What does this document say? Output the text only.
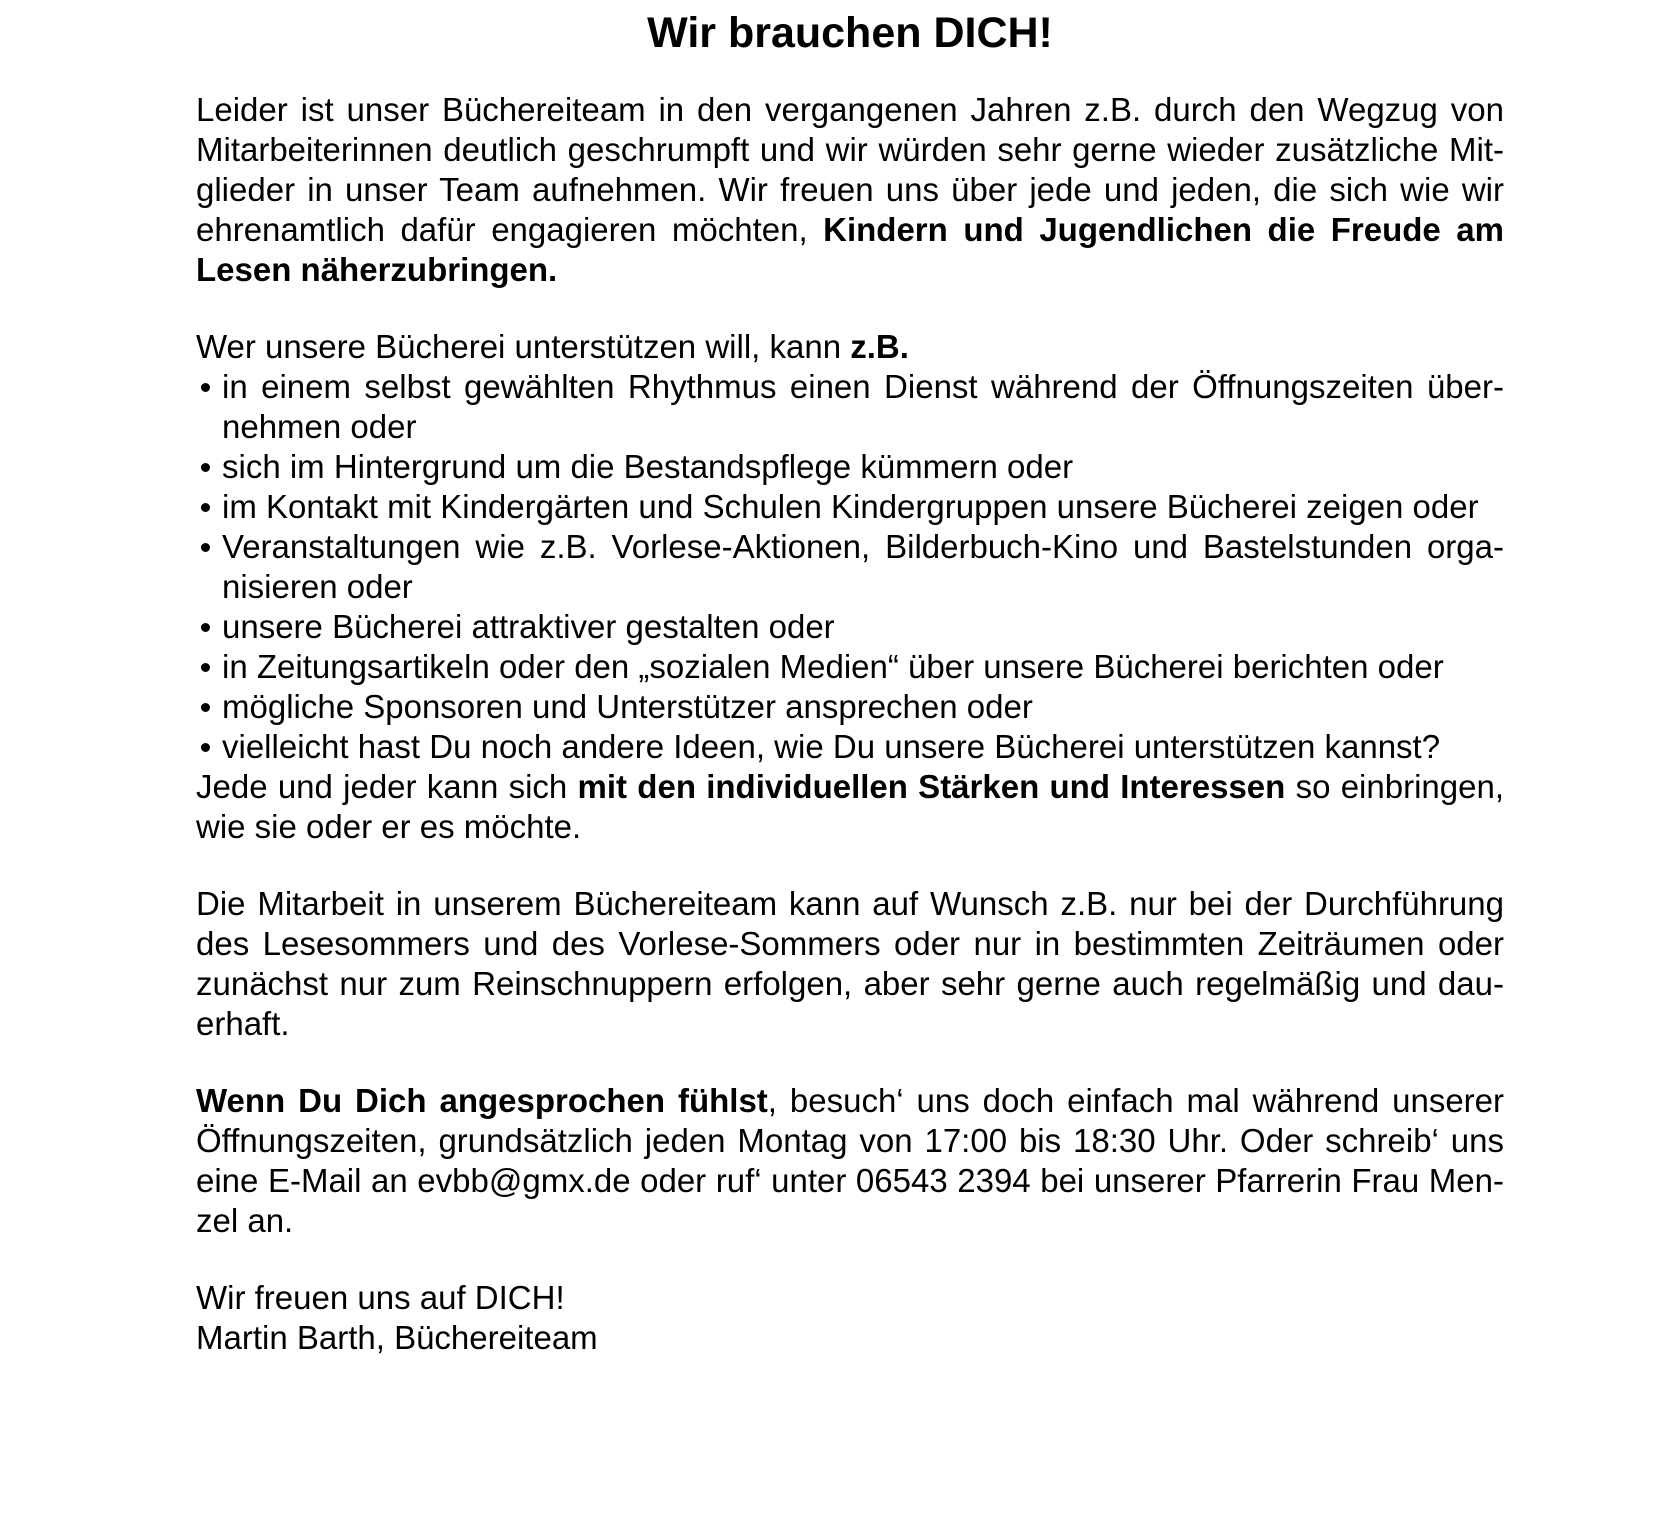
Wir brauchen DICH!

Leider ist unser Büchereiteam in den vergangenen Jahren z.B. durch den Wegzug von Mitarbeiterinnen deutlich geschrumpft und wir würden sehr gerne wieder zusätzliche Mitglieder in unser Team aufnehmen. Wir freuen uns über jede und jeden, die sich wie wir ehrenamtlich dafür engagieren möchten, Kindern und Jugendlichen die Freude am Lesen näherzubringen.

Wer unsere Bücherei unterstützen will, kann z.B.

in einem selbst gewählten Rhythmus einen Dienst während der Öffnungszeiten übernehmen oder
sich im Hintergrund um die Bestandspflege kümmern oder
im Kontakt mit Kindergärten und Schulen Kindergruppen unsere Bücherei zeigen oder
Veranstaltungen wie z.B. Vorlese-Aktionen, Bilderbuch-Kino und Bastelstunden organisieren oder
unsere Bücherei attraktiver gestalten oder
in Zeitungsartikeln oder den „sozialen Medien“ über unsere Bücherei berichten oder
mögliche Sponsoren und Unterstützer ansprechen oder
vielleicht hast Du noch andere Ideen, wie Du unsere Bücherei unterstützen kannst?

Jede und jeder kann sich mit den individuellen Stärken und Interessen so einbringen, wie sie oder er es möchte.

Die Mitarbeit in unserem Büchereiteam kann auf Wunsch z.B. nur bei der Durchführung des Lesesommers und des Vorlese-Sommers oder nur in bestimmten Zeiträumen oder zunächst nur zum Reinschnuppern erfolgen, aber sehr gerne auch regelmäßig und dauerhaft.

Wenn Du Dich angesprochen fühlst, besuch‘ uns doch einfach mal während unserer Öffnungszeiten, grundsätzlich jeden Montag von 17:00 bis 18:30 Uhr. Oder schreib‘ uns eine E-Mail an evbb@gmx.de oder ruf‘ unter 06543 2394 bei unserer Pfarrerin Frau Menzel an.

Wir freuen uns auf DICH!
Martin Barth, Büchereiteam
